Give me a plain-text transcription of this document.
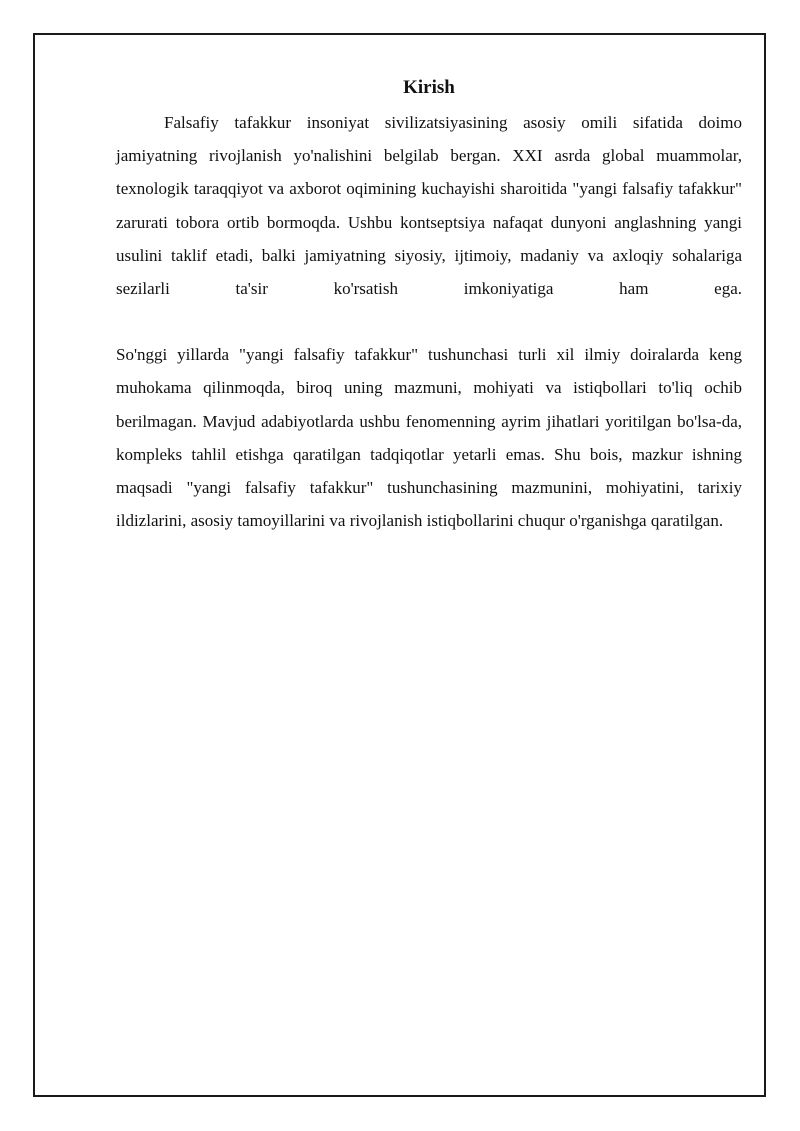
Kirish

Falsafiy tafakkur insoniyat sivilizatsiyasining asosiy omili sifatida doimo jamiyatning rivojlanish yo'nalishini belgilab bergan. XXI asrda global muammolar, texnologik taraqqiyot va axborot oqimining kuchayishi sharoitida "yangi falsafiy tafakkur" zarurati tobora ortib bormoqda. Ushbu kontseptsiya nafaqat dunyoni anglashning yangi usulini taklif etadi, balki jamiyatning siyosiy, ijtimoiy, madaniy va axloqiy sohalariga sezilarli ta'sir ko'rsatish imkoniyatiga ham ega.

So'nggi yillarda "yangi falsafiy tafakkur" tushunchasi turli xil ilmiy doiralarda keng muhokama qilinmoqda, biroq uning mazmuni, mohiyati va istiqbollari to'liq ochib berilmagan. Mavjud adabiyotlarda ushbu fenomenning ayrim jihatlari yoritilgan bo'lsa-da, kompleks tahlil etishga qaratilgan tadqiqotlar yetarli emas. Shu bois, mazkur ishning maqsadi "yangi falsafiy tafakkur" tushunchasining mazmunini, mohiyatini, tarixiy ildizlarini, asosiy tamoyillarini va rivojlanish istiqbollarini chuqur o'rganishga qaratilgan.
